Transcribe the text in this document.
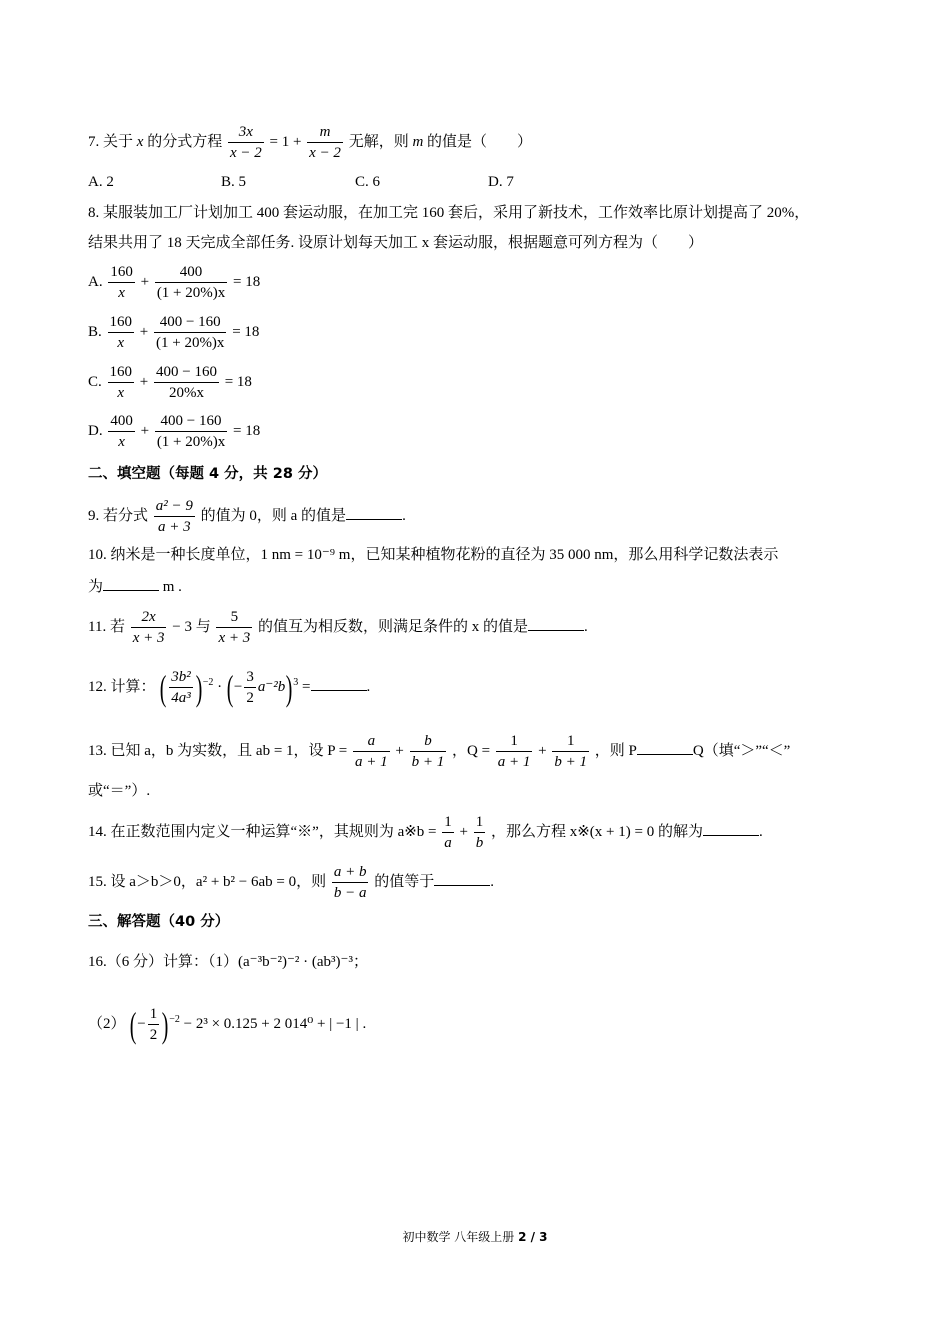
7. 关于 x 的分式方程 $\frac{3x}{x - 2} = 1 + \frac{m}{x - 2}$ 无解，则 m 的值是（　　）
A. 2	B. 5	C. 6	D. 7
8. 某服装加工厂计划加工 400 套运动服，在加工完 160 套后，采用了新技术，工作效率比原计划提高了 20%，
结果共用了 18 天完成全部任务. 设原计划每天加工 x 套运动服，根据题意可列方程为（　　）
A. $\frac{160}{x} + \frac{400}{(1 + 20\%)x} = 18$
B. $\frac{160}{x} + \frac{400 - 160}{(1 + 20\%)x} = 18$
C. $\frac{160}{x} + \frac{400 - 160}{20\%x} = 18$
D. $\frac{400}{x} + \frac{400 - 160}{(1 + 20\%)x} = 18$
二、填空题（每题 4 分，共 28 分）
9. 若分式 $\frac{\text{a² − 9}}{a + 3}$ 的值为 0，则 a 的值是	.
10. 纳米是一种长度单位，1 nm = 10⁻⁹ m，已知某种植物花粉的直径为 35 000 nm，那么用科学记数法表示
为	m .
11. 若 $\frac{2x}{x + 3} - 3$ 与 $\frac{5}{x + 3}$ 的值互为相反数，则满足条件的 x 的值是	.
12. 计算： ( $\frac{\text{3b²}}{\text{4a³}} )^{-2}$ · (− $\frac{3}{2} a^{-2}b)^3$ =	.
13. 已知 a，b 为实数，且 ab = 1，设 $P = \frac{a}{a + 1} + \frac{b}{b + 1}$ ，$Q = \frac{1}{a + 1} + \frac{1}{b + 1}$ ，则 P	Q（填“＞”“＜”
或“＝”）.
14. 在正数范围内定义一种运算“※”，其规则为 a※b = $\frac{1}{a} + \frac{1}{b}$ ，那么方程 x※(x + 1) = 0 的解为	.
15. 设 a＞b＞0，a² + b² − 6ab = 0，则 $\frac{a + b}{b - a}$ 的值等于	.
三、解答题（40 分）
16.（6 分）计算：（1）(a⁻³b⁻²)⁻² · (ab³)⁻³；
（2） (− $\frac{1}{2} )^{-2} - 2^3 \times 0.125 + 2$ 014⁰ + | −1 | .
初中数学 八年级上册 2 / 3
